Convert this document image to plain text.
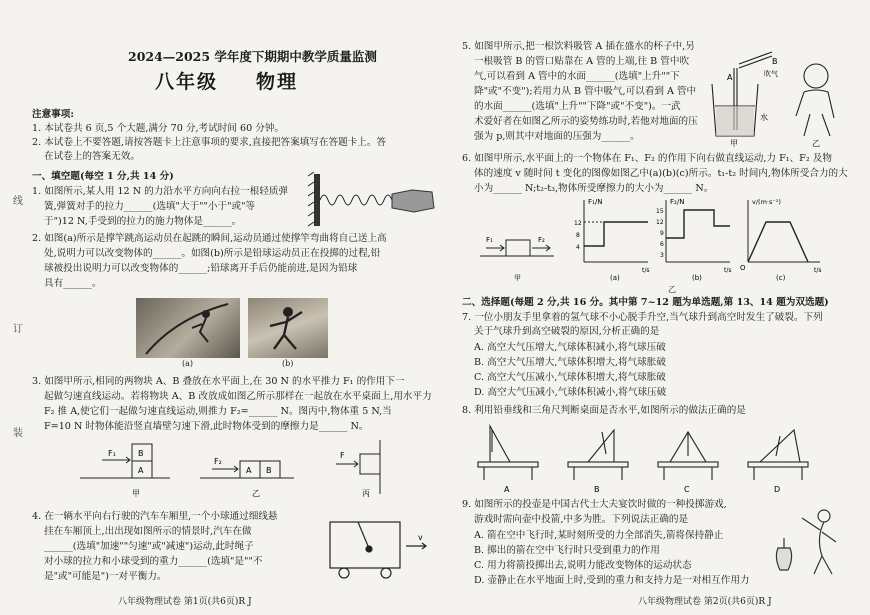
线
订
装
2024—2025 学年度下期期中教学质量监测
八年级 物理
注意事项:
1. 本试卷共 6 页,5 个大题,满分 70 分,考试时间 60 分钟。
2. 本试卷上不要答题,请按答题卡上注意事项的要求,直接把答案填写在答题卡上。答
在试卷上的答案无效。
一、填空题(每空 1 分,共 14 分)
1. 如图所示,某人用 12 N 的力沿水平方向向右拉一根轻质弹
簧,弹簧对手的拉力______(选填"大于""小于"或"等
于")12 N,手受到的拉力的施力物体是______。
2. 如图(a)所示是撑竿跳高运动员在起跳的瞬间,运动员通过使撑竿弯曲将自己送上高
处,说明力可以改变物体的______。如图(b)所示是铅球运动员正在投掷的过程,铅
球被投出说明力可以改变物体的______;铅球离开手后仍能前进,是因为铅球
具有______。
(a)	(b)
3. 如图甲所示,相同的两物块 A、B 叠放在水平面上,在 30 N 的水平推力 F₁ 的作用下一
起做匀速直线运动。若将物块 A、B 改放成如图乙所示那样在一起放在水平桌面上,用水平力
F₂ 推 A,使它们一起做匀速直线运动,则推力 F₂=______ N。图丙中,物体重 5 N,当
F=10 N 时物体能沿竖直墙壁匀速下滑,此时物体受到的摩擦力是______ N。
F₁	B
A
F₂
A B
F
甲	乙	丙
4. 在一辆水平向右行驶的汽车车厢里,一个小球通过细线悬
挂在车厢顶上,出出现如图所示的情景时,汽车在做
______(选填"加速""匀速"或"减速")运动,此时绳子
对小球的拉力和小球受到的重力______(选填"是""不
是"或"可能是")一对平衡力。
v
八年级物理试卷 第1页(共6页)R J
5. 如图甲所示,把一根饮料吸管 A 插在盛水的杯子中,另
一根吸管 B 的管口贴靠在 A 管的上端,往 B 管中吹
气,可以看到 A 管中的水面______(选填"上升""下
降"或"不变");若用力从 B 管中吸气,可以看到 A 管中
的水面______(选填"上升""下降"或"不变")。一武
术爱好者在如图乙所示的姿势练功时,若他对地面的压
强为 p,则其中对地面的压强为______。
A
B
吹气
水
甲	乙
6. 如图甲所示,水平面上的一个物体在 F₁、F₂ 的作用下向右做直线运动,力 F₁、F₂ 及物
体的速度 v 随时间 t 变化的图像如图乙中(a)(b)(c)所示。t₁-t₂ 时间内,物体所受合力的大
小为______ N;t₂-t₃,物体所受摩擦力的大小为______ N。
F₁	F₂
F₁/N
12
8
4
t/s
(a)
F₂/N
15
12
9
6
3
t/s
(b)
v/(m·s⁻¹)
O	t/s
(c)
甲
乙
二、选择题(每题 2 分,共 16 分。其中第 7~12 题为单选题,第 13、14 题为双选题)
7. 一位小朋友手里拿着的氢气球不小心脱手升空,当气球升到高空时发生了破裂。下列
关于气球升到高空破裂的原因,分析正确的是
A. 高空大气压增大,气球体积减小,将气球压破
B. 高空大气压增大,气球体积增大,将气球胀破
C. 高空大气压减小,气球体积增大,将气球胀破
D. 高空大气压减小,气球体积减小,将气球压破
8. 利用铅垂线和三角尺判断桌面是否水平,如图所示的做法正确的是
A	B	C	D
9. 如图所示的投壶是中国古代士大夫宴饮时做的一种投掷游戏,
游戏时需向壶中投箭,中多为胜。下列说法正确的是
A. 箭在空中飞行时,某时刻所受的力全部消失,箭将保持静止
B. 掷出的箭在空中飞行时只受到重力的作用
C. 用力将箭投掷出去,说明力能改变物体的运动状态
D. 壶静止在水平地面上时,受到的重力和支持力是一对相互作用力
八年级物理试卷 第2页(共6页)R J
